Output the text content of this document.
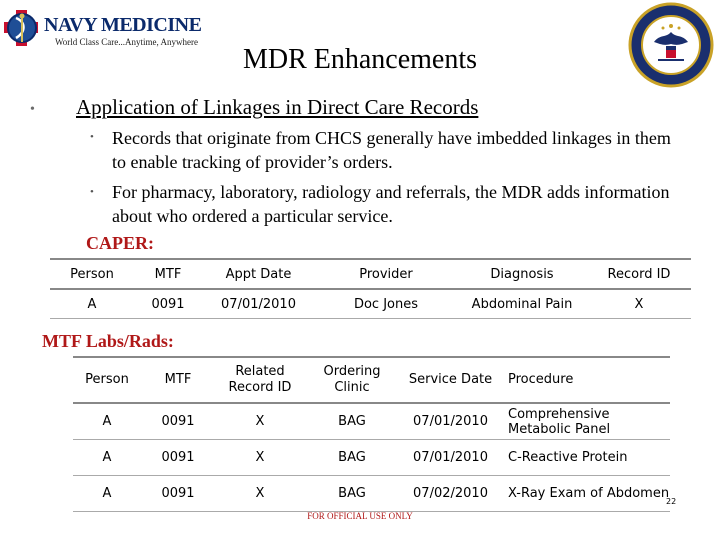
NAVY MEDICINE
World Class Care...Anytime, Anywhere
MDR Enhancements
• Application of Linkages in Direct Care Records
• Records that originate from CHCS generally have imbedded linkages in them to enable tracking of provider’s orders.
• For pharmacy, laboratory, radiology and referrals, the MDR adds information about who ordered a particular service.
CAPER:
Person	MTF	Appt Date	Provider	Diagnosis	Record ID
A	0091	07/01/2010	Doc Jones	Abdominal Pain	X
MTF Labs/Rads:
Person	MTF	Related Record ID	Ordering Clinic	Service Date	Procedure
A	0091	X	BAG	07/01/2010	Comprehensive Metabolic Panel
A	0091	X	BAG	07/01/2010	C-Reactive Protein
A	0091	X	BAG	07/02/2010	X-Ray Exam of Abdomen
FOR OFFICIAL USE ONLY
22
